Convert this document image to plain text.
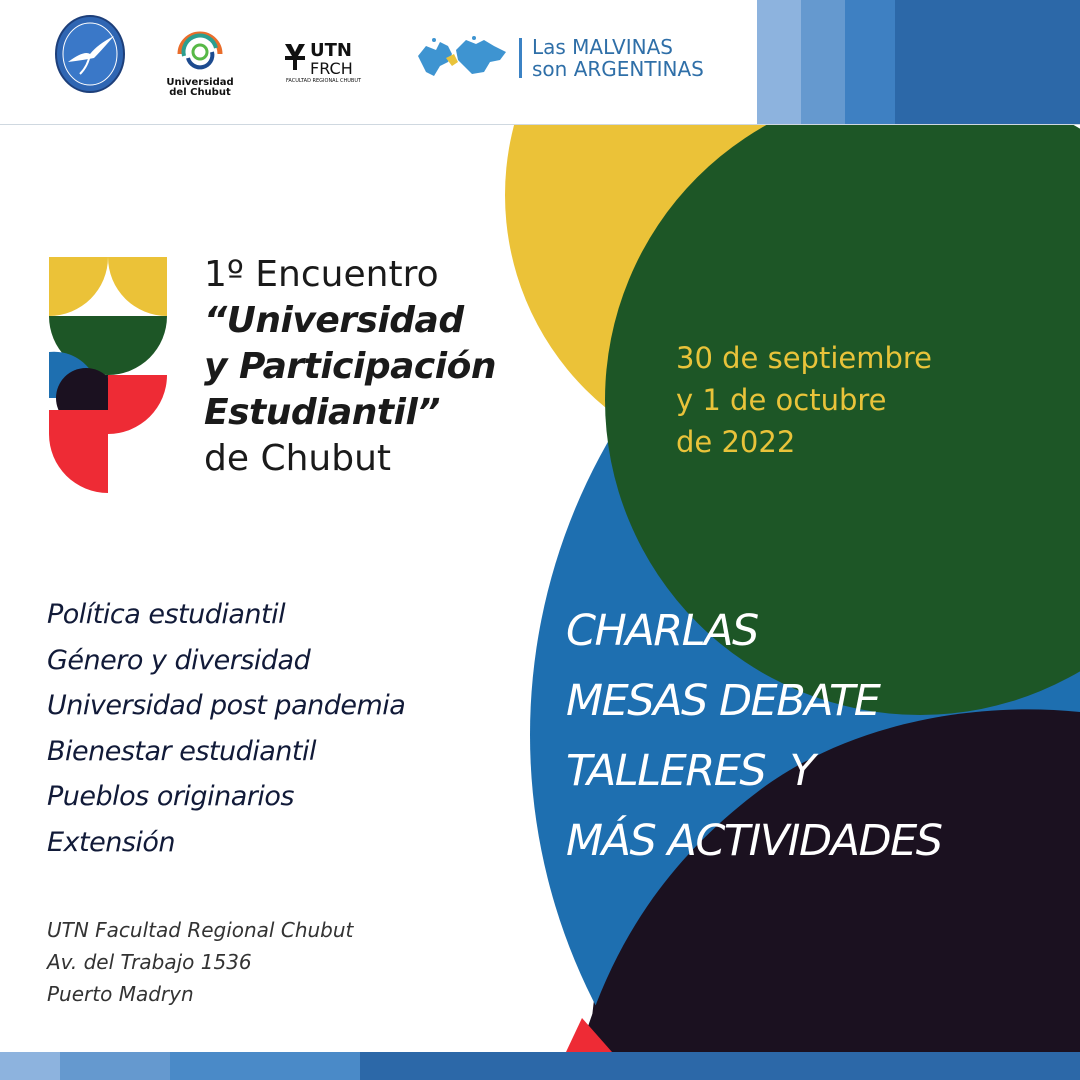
Universidad
del Chubut
UTN
FRCH
FACULTAD REGIONAL CHUBUT
Las MALVINAS
son ARGENTINAS
1º Encuentro
“Universidad
y Participación
Estudiantil”
de Chubut
30 de septiembre
y 1 de octubre
de 2022
Política estudiantil
Género y diversidad
Universidad post pandemia
Bienestar estudiantil
Pueblos originarios
Extensión
CHARLAS
MESAS DEBATE
TALLERES  Y
MÁS ACTIVIDADES
UTN Facultad Regional Chubut
Av. del Trabajo 1536
Puerto Madryn
